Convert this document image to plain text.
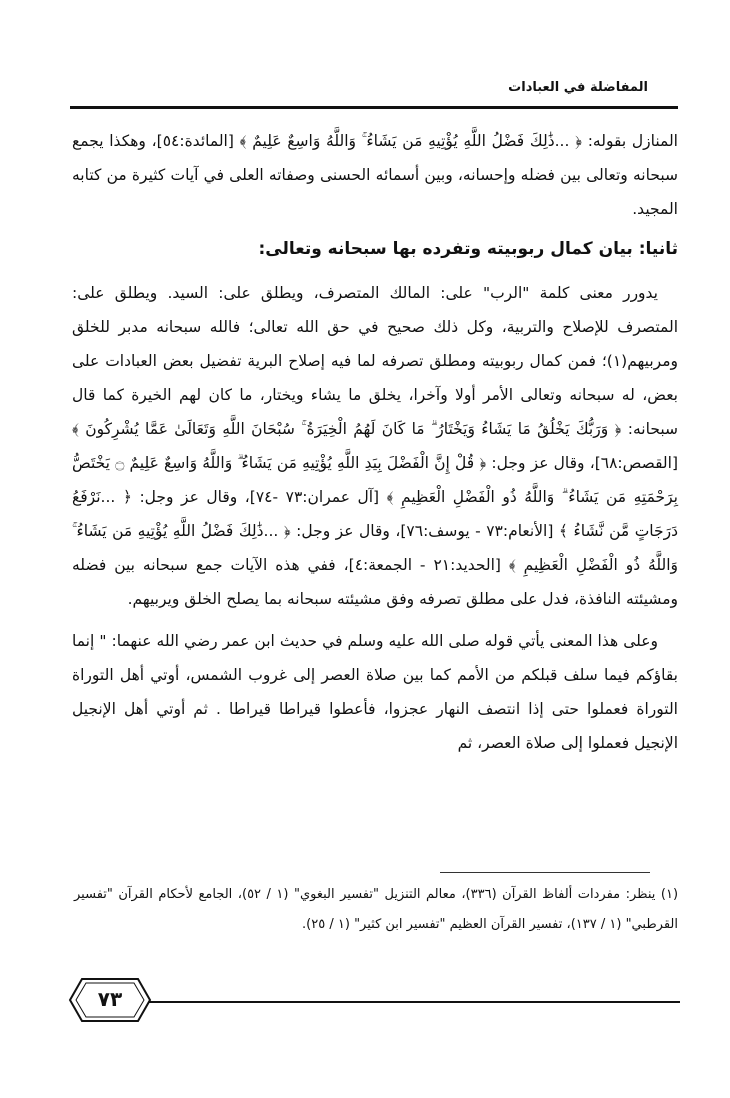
المفاضلة في العبادات

المنازل بقوله: ﴿ ...ذَٰلِكَ فَضْلُ اللَّهِ يُؤْتِيهِ مَن يَشَاءُ ۚ وَاللَّهُ وَاسِعٌ عَلِيمٌ ﴾ [المائدة:٥٤]، وهكذا يجمع سبحانه وتعالى بين فضله وإحسانه، وبين أسمائه الحسنى وصفاته العلى في آيات كثيرة من كتابه المجيد.

ثانيا: بيان كمال ربوبيته وتفرده بها سبحانه وتعالى:

يدورر معنى كلمة "الرب" على: المالك المتصرف، ويطلق على: السيد. ويطلق على: المتصرف للإصلاح والتربية، وكل ذلك صحيح في حق الله تعالى؛ فالله سبحانه مدبر للخلق ومربيهم(١)؛ فمن كمال ربوبيته ومطلق تصرفه لما فيه إصلاح البرية تفضيل بعض العبادات على بعض، له سبحانه وتعالى الأمر أولا وآخرا، يخلق ما يشاء ويختار، ما كان لهم الخيرة كما قال سبحانه: ﴿ وَرَبُّكَ يَخْلُقُ مَا يَشَاءُ وَيَخْتَارُ ۗ مَا كَانَ لَهُمُ الْخِيَرَةُ ۚ سُبْحَانَ اللَّهِ وَتَعَالَىٰ عَمَّا يُشْرِكُونَ ﴾ [القصص:٦٨]، وقال عز وجل: ﴿ قُلْ إِنَّ الْفَضْلَ بِيَدِ اللَّهِ يُؤْتِيهِ مَن يَشَاءُ ۗ وَاللَّهُ وَاسِعٌ عَلِيمٌ ۝ يَخْتَصُّ بِرَحْمَتِهِ مَن يَشَاءُ ۗ وَاللَّهُ ذُو الْفَضْلِ الْعَظِيمِ ﴾ [آل عمران:٧٣ -٧٤]، وقال عز وجل: ﴿ ...نَرْفَعُ دَرَجَاتٍ مَّن نَّشَاءُ ﴾ [الأنعام:٧٣ - يوسف:٧٦]، وقال عز وجل: ﴿ ...ذَٰلِكَ فَضْلُ اللَّهِ يُؤْتِيهِ مَن يَشَاءُ ۚ وَاللَّهُ ذُو الْفَضْلِ الْعَظِيمِ ﴾ [الحديد:٢١ - الجمعة:٤]، ففي هذه الآيات جمع سبحانه بين فضله ومشيئته النافذة، فدل على مطلق تصرفه وفق مشيئته سبحانه بما يصلح الخلق ويربيهم.

وعلى هذا المعنى يأتي قوله صلى الله عليه وسلم في حديث ابن عمر رضي الله عنهما: " إنما بقاؤكم فيما سلف قبلكم من الأمم كما بين صلاة العصر إلى غروب الشمس، أوتي أهل التوراة التوراة فعملوا حتى إذا انتصف النهار عجزوا، فأعطوا قيراطا قيراطا . ثم أوتي أهل الإنجيل الإنجيل فعملوا إلى صلاة العصر، ثم

(١) ينظر: مفردات ألفاظ القرآن (٣٣٦)، معالم التنزيل "تفسير البغوي" (١ / ٥٢)، الجامع لأحكام القرآن "تفسير القرطبي" (١ / ١٣٧)، تفسير القرآن العظيم "تفسير ابن كثير" (١ / ٢٥).

٧٣
